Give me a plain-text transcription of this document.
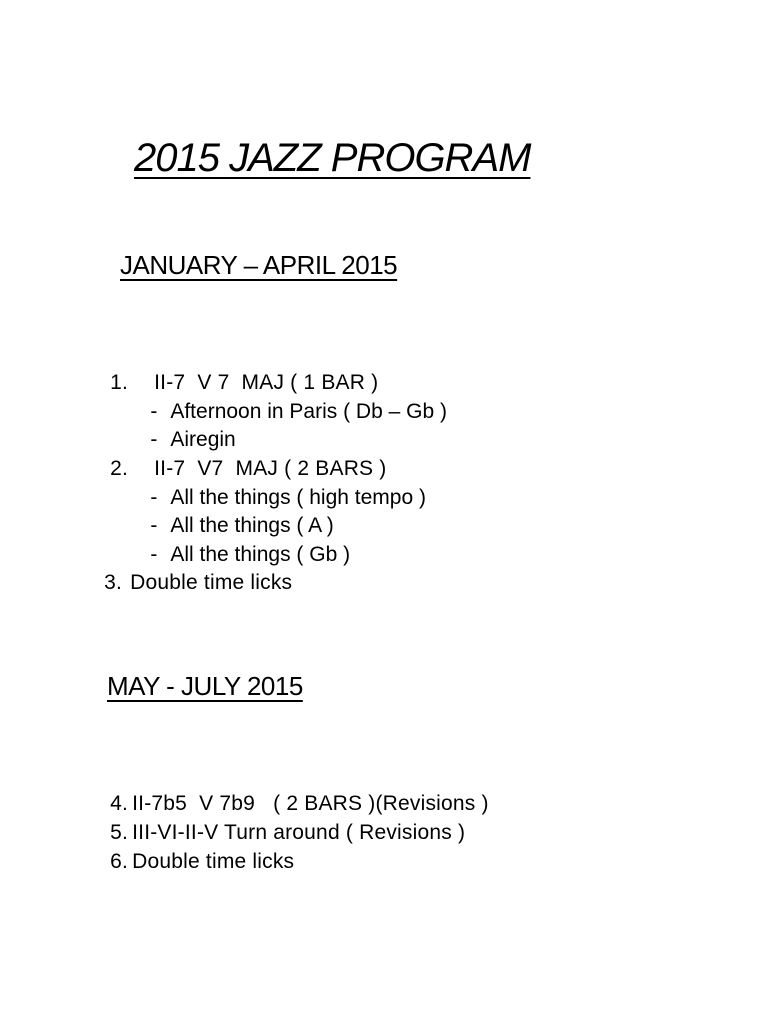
2015 JAZZ PROGRAM
JANUARY – APRIL 2015

1. II-7  V 7  MAJ ( 1 BAR )

- Afternoon in Paris ( Db – Gb )

- Airegin

2. II-7  V7  MAJ ( 2 BARS )

- All the things ( high tempo )

- All the things ( A )

- All the things ( Gb )

3. Double time licks

MAY - JULY 2015

4. II-7b5  V 7b9   ( 2 BARS )(Revisions )

5. III-VI-II-V Turn around ( Revisions )

6. Double time licks
